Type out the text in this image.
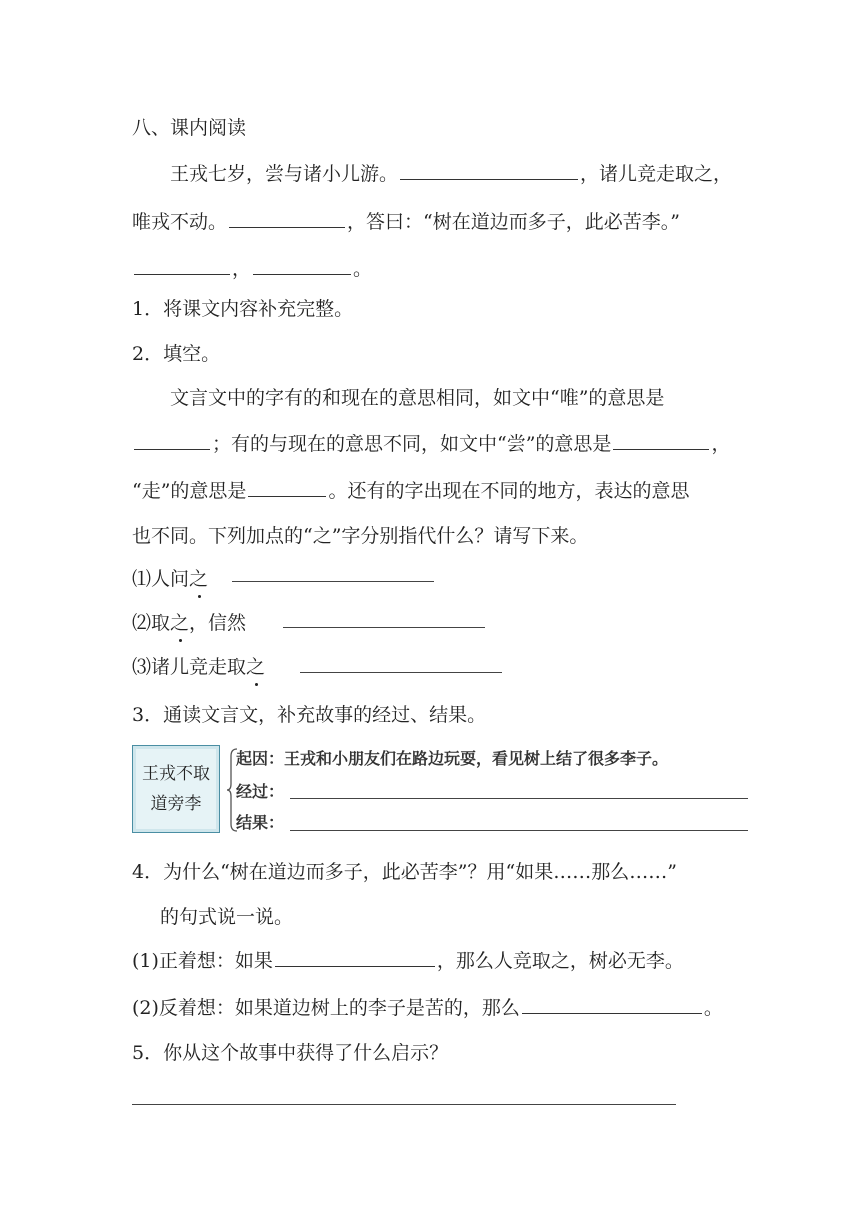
八、课内阅读
王戎七岁，尝与诸小儿游。	，诸儿竞走取之，
唯戎不动。	，答曰：“树在道边而多子，此必苦李。”
，	。
1．将课文内容补充完整。
2．填空。
文言文中的字有的和现在的意思相同，如文中“唯”的意思是
；有的与现在的意思不同，如文中“尝”的意思是	，
“走”的意思是	。还有的字出现在不同的地方，表达的意思
也不同。下列加点的“之”字分别指代什么？请写下来。
⑴人问之
⑵取之，信然
⑶诸儿竞走取之
3．通读文言文，补充故事的经过、结果。
王戎不取
道旁李
起因：王戎和小朋友们在路边玩耍，看见树上结了很多李子。
经过：
结果：
4．为什么“树在道边而多子，此必苦李”？用“如果……那么……”
的句式说一说。
(1)正着想：如果	，那么人竞取之，树必无李。
(2)反着想：如果道边树上的李子是苦的，那么	。
5．你从这个故事中获得了什么启示？
